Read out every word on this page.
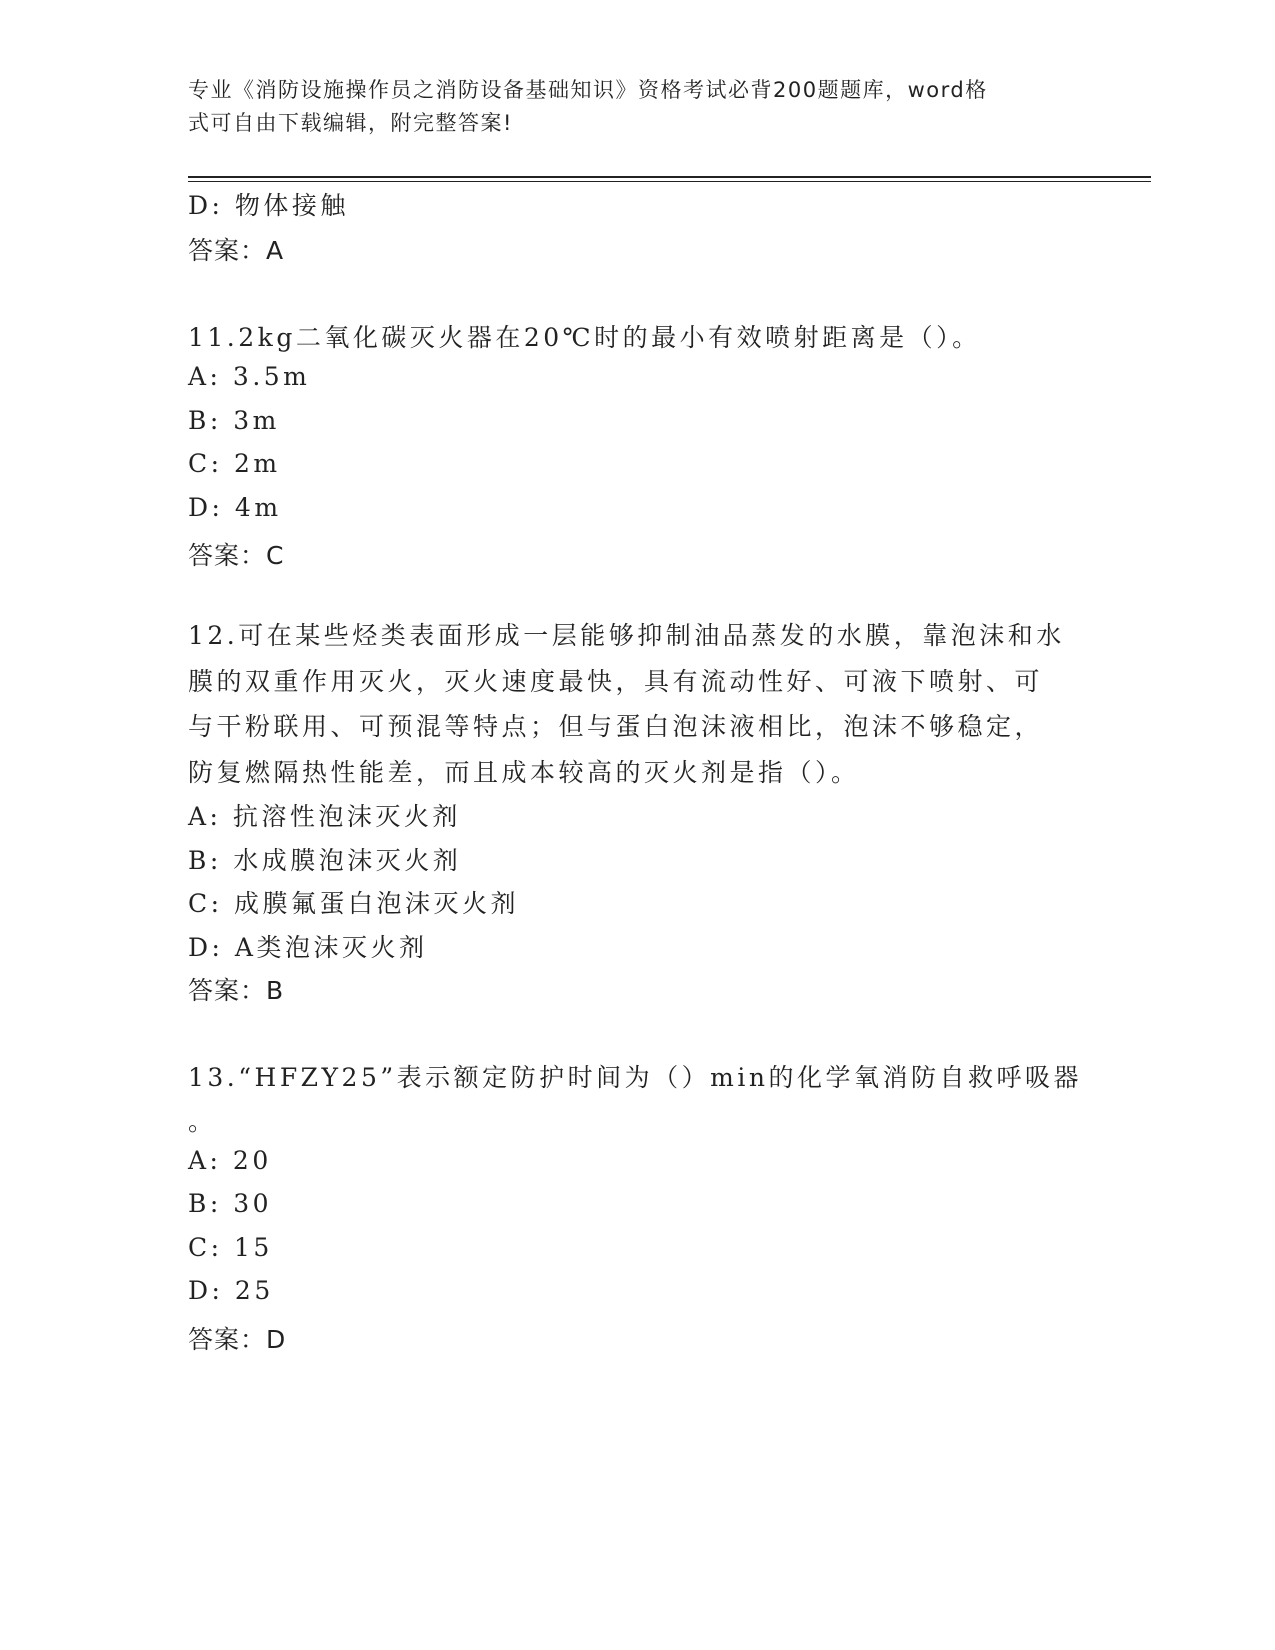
专业《消防设施操作员之消防设备基础知识》资格考试必背200题题库，word格
式可自由下载编辑，附完整答案!
D: 物体接触
答案：A
11.2kg二氧化碳灭火器在20℃时的最小有效喷射距离是（）。
A: 3.5m
B: 3m
C: 2m
D: 4m
答案：C
12.可在某些烃类表面形成一层能够抑制油品蒸发的水膜，靠泡沫和水
膜的双重作用灭火，灭火速度最快，具有流动性好、可液下喷射、可
与干粉联用、可预混等特点；但与蛋白泡沫液相比，泡沫不够稳定，
防复燃隔热性能差，而且成本较高的灭火剂是指（）。
A: 抗溶性泡沫灭火剂
B: 水成膜泡沫灭火剂
C: 成膜氟蛋白泡沫灭火剂
D: A类泡沫灭火剂
答案：B
13.“HFZY25”表示额定防护时间为（）min的化学氧消防自救呼吸器
。
A: 20
B: 30
C: 15
D: 25
答案：D
